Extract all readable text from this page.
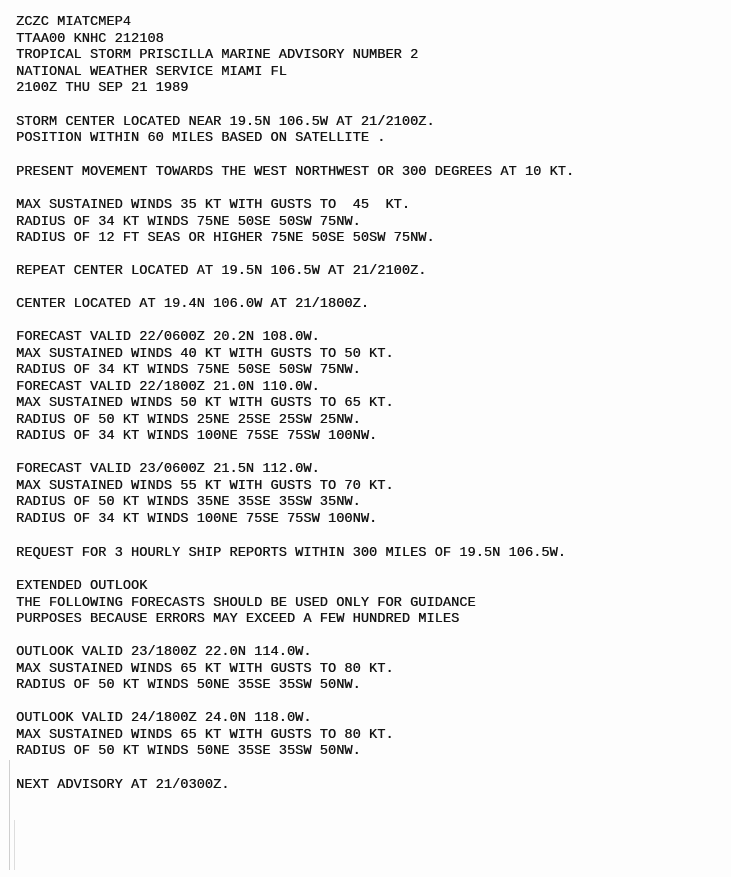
ZCZC MIATCMEP4
TTAA00 KNHC 212108
TROPICAL STORM PRISCILLA MARINE ADVISORY NUMBER 2
NATIONAL WEATHER SERVICE MIAMI FL
2100Z THU SEP 21 1989
STORM CENTER LOCATED NEAR 19.5N 106.5W AT 21/2100Z.
POSITION WITHIN 60 MILES BASED ON SATELLITE .
PRESENT MOVEMENT TOWARDS THE WEST NORTHWEST OR 300 DEGREES AT 10 KT.
MAX SUSTAINED WINDS 35 KT WITH GUSTS TO  45  KT.
RADIUS OF 34 KT WINDS 75NE 50SE 50SW 75NW.
RADIUS OF 12 FT SEAS OR HIGHER 75NE 50SE 50SW 75NW.
REPEAT CENTER LOCATED AT 19.5N 106.5W AT 21/2100Z.
CENTER LOCATED AT 19.4N 106.0W AT 21/1800Z.
FORECAST VALID 22/0600Z 20.2N 108.0W.
MAX SUSTAINED WINDS 40 KT WITH GUSTS TO 50 KT.
RADIUS OF 34 KT WINDS 75NE 50SE 50SW 75NW.
FORECAST VALID 22/1800Z 21.0N 110.0W.
MAX SUSTAINED WINDS 50 KT WITH GUSTS TO 65 KT.
RADIUS OF 50 KT WINDS 25NE 25SE 25SW 25NW.
RADIUS OF 34 KT WINDS 100NE 75SE 75SW 100NW.
FORECAST VALID 23/0600Z 21.5N 112.0W.
MAX SUSTAINED WINDS 55 KT WITH GUSTS TO 70 KT.
RADIUS OF 50 KT WINDS 35NE 35SE 35SW 35NW.
RADIUS OF 34 KT WINDS 100NE 75SE 75SW 100NW.
REQUEST FOR 3 HOURLY SHIP REPORTS WITHIN 300 MILES OF 19.5N 106.5W.
EXTENDED OUTLOOK
THE FOLLOWING FORECASTS SHOULD BE USED ONLY FOR GUIDANCE
PURPOSES BECAUSE ERRORS MAY EXCEED A FEW HUNDRED MILES
OUTLOOK VALID 23/1800Z 22.0N 114.0W.
MAX SUSTAINED WINDS 65 KT WITH GUSTS TO 80 KT.
RADIUS OF 50 KT WINDS 50NE 35SE 35SW 50NW.
OUTLOOK VALID 24/1800Z 24.0N 118.0W.
MAX SUSTAINED WINDS 65 KT WITH GUSTS TO 80 KT.
RADIUS OF 50 KT WINDS 50NE 35SE 35SW 50NW.
NEXT ADVISORY AT 21/0300Z.
